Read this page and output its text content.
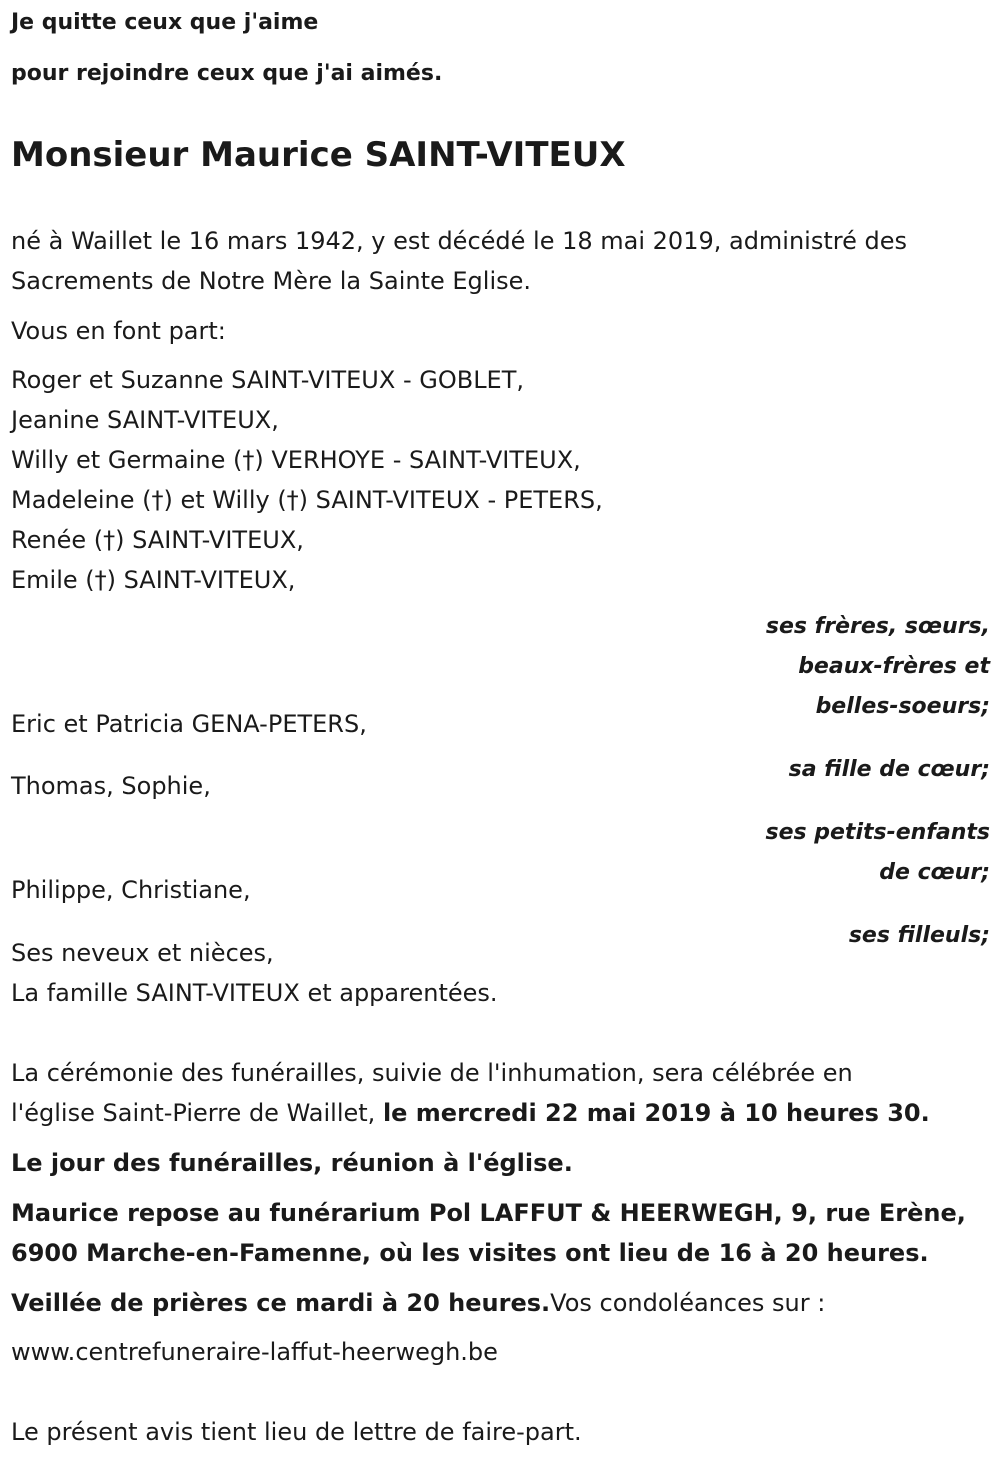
Je quitte ceux que j'aime

pour rejoindre ceux que j'ai aimés.

Monsieur Maurice SAINT-VITEUX

né à Waillet le 16 mars 1942, y est décédé le 18 mai 2019, administré des

Sacrements de Notre Mère la Sainte Eglise.

Vous en font part:

Roger et Suzanne SAINT-VITEUX - GOBLET,

Jeanine SAINT-VITEUX,

Willy et Germaine (†) VERHOYE - SAINT-VITEUX,

Madeleine (†) et Willy (†) SAINT-VITEUX - PETERS,

Renée (†) SAINT-VITEUX,

Emile (†) SAINT-VITEUX,

ses frères, sœurs,

beaux-frères et

belles-soeurs;

Eric et Patricia GENA-PETERS,

sa fille de cœur;

Thomas, Sophie,

ses petits-enfants

de cœur;

Philippe, Christiane,

ses filleuls;

Ses neveux et nièces,

La famille SAINT-VITEUX et apparentées.

La cérémonie des funérailles, suivie de l'inhumation, sera célébrée en

l'église Saint-Pierre de Waillet, le mercredi 22 mai 2019 à 10 heures 30.

Le jour des funérailles, réunion à l'église.

Maurice repose au funérarium Pol LAFFUT & HEERWEGH, 9, rue Erène,

6900 Marche-en-Famenne, où les visites ont lieu de 16 à 20 heures.

Veillée de prières ce mardi à 20 heures.Vos condoléances sur :

www.centrefuneraire-laffut-heerwegh.be

Le présent avis tient lieu de lettre de faire-part.
